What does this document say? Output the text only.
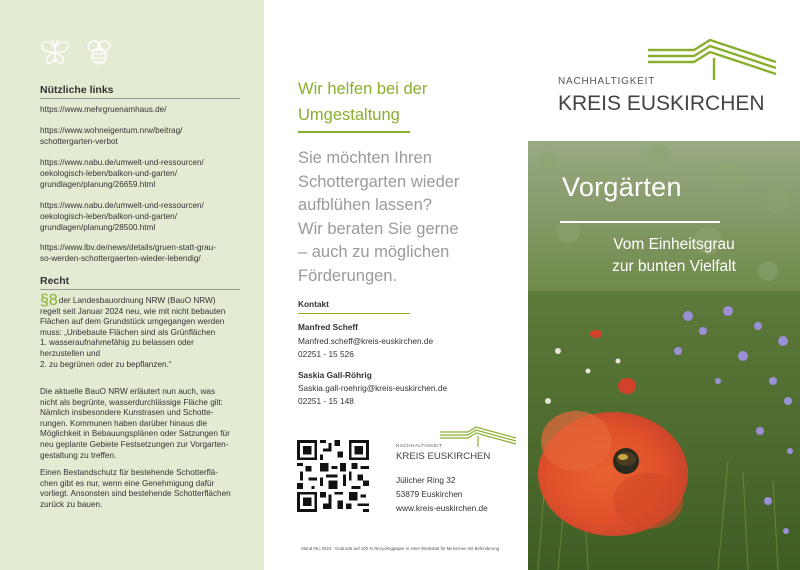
Nützliche links
https://www.mehrgruenamhaus.de/
https://www.wohneigentum.nrw/beitrag/
schottergarten-verbot
https://www.nabu.de/umwelt-und-ressourcen/
oekologisch-leben/balkon-und-garten/
grundlagen/planung/26659.html
https://www.nabu.de/umwelt-und-ressourcen/
oekologisch-leben/balkon-und-garten/
grundlagen/planung/28500.html
https://www.lbv.de/news/details/gruen-statt-grau-
so-werden-schottergaerten-wieder-lebendig/
Recht
§8der Landesbauordnung NRW (BauO NRW)
regelt seit Januar 2024 neu, wie mit nicht bebauten
Flächen auf dem Grundstück umgegangen werden
muss: „Unbebaute Flächen sind als Grünflächen
1. wasseraufnahmefähig zu belassen oder
herzustellen und
2. zu begrünen oder zu bepflanzen.“
Die aktuelle BauO NRW erläutert nun auch, was
nicht als begrünte, wasserdurchlässige Fläche gilt:
Nämlich insbesondere Kunstrasen und Schotte-
rungen. Kommunen haben darüber hinaus die
Möglichkeit in Bebauungsplänen oder Satzungen für
neu geplante Gebiete Festsetzungen zur Vorgarten-
gestaltung zu treffen.
Einen Bestandschutz für bestehende Schotterflä-
chen gibt es nur, wenn eine Genehmigung dafür
vorliegt. Ansonsten sind bestehende Schotterflächen
zurück zu bauen.
Wir helfen bei der
Umgestaltung
Sie möchten Ihren
Schottergarten wieder
aufblühen lassen?
Wir beraten Sie gerne
– auch zu möglichen
Förderungen.
Kontakt
Manfred Scheff
Manfred.scheff@kreis-euskirchen.de
02251 - 15 526
Saskia Gall-Röhrig
Saskia.gall-roehrig@kreis-euskirchen.de
02251 - 15 148
NACHHALTIGKEIT
KREIS EUSKIRCHEN
Jülicher Ring 32
53879 Euskirchen
www.kreis-euskirchen.de
Stand 06 | 2024 · Gedruckt auf 100 % Recyclingpapier in einer Werkstatt für Menschen mit Behinderung
NACHHALTIGKEIT
KREIS EUSKIRCHEN
Vorgärten
Vom Einheitsgrau
zur bunten Vielfalt
